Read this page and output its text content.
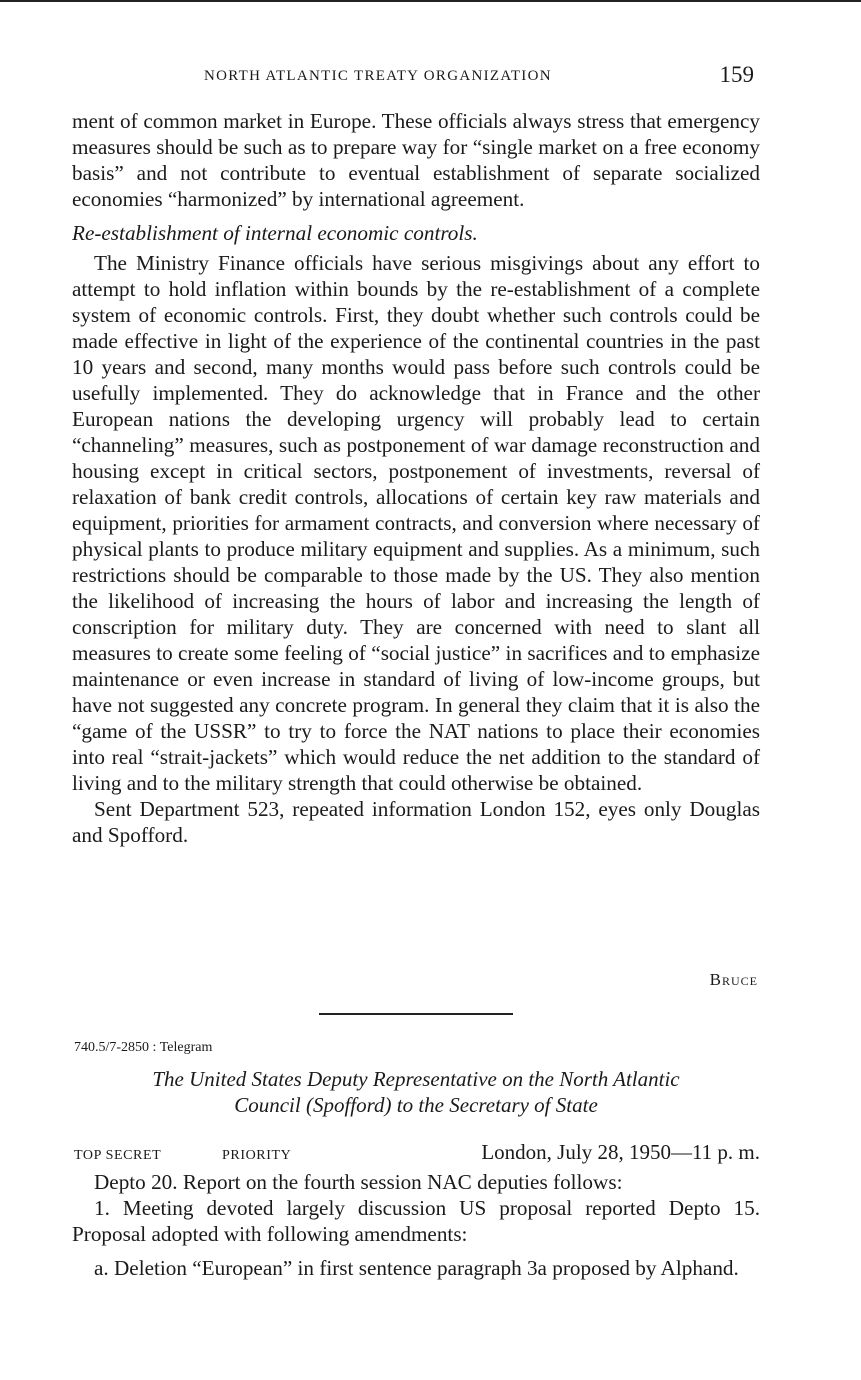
NORTH ATLANTIC TREATY ORGANIZATION	159

ment of common market in Europe. These officials always stress that emergency measures should be such as to prepare way for “single market on a free economy basis” and not contribute to eventual establishment of separate socialized economies “harmonized” by international agreement.

Re-establishment of internal economic controls.

The Ministry Finance officials have serious misgivings about any effort to attempt to hold inflation within bounds by the re-establishment of a complete system of economic controls. First, they doubt whether such controls could be made effective in light of the experience of the continental countries in the past 10 years and second, many months would pass before such controls could be usefully implemented. They do acknowledge that in France and the other European nations the developing urgency will probably lead to certain “channeling” measures, such as postponement of war damage reconstruction and housing except in critical sectors, postponement of investments, reversal of relaxation of bank credit controls, allocations of certain key raw materials and equipment, priorities for armament contracts, and conversion where necessary of physical plants to produce military equipment and supplies. As a minimum, such restrictions should be comparable to those made by the US. They also mention the likelihood of increasing the hours of labor and increasing the length of conscription for military duty. They are concerned with need to slant all measures to create some feeling of “social justice” in sacrifices and to emphasize maintenance or even increase in standard of living of low-income groups, but have not suggested any concrete program. In general they claim that it is also the “game of the USSR” to try to force the NAT nations to place their economies into real “strait-jackets” which would reduce the net addition to the standard of living and to the military strength that could otherwise be obtained.

Sent Department 523, repeated information London 152, eyes only Douglas and Spofford.

Bruce
740.5/7-2850 : Telegram
The United States Deputy Representative on the North Atlantic
Council (Spofford) to the Secretary of State
TOP SECRET	PRIORITY	London, July 28, 1950—11 p. m.

Depto 20. Report on the fourth session NAC deputies follows:

1. Meeting devoted largely discussion US proposal reported Depto 15. Proposal adopted with following amendments:

a. Deletion “European” in first sentence paragraph 3a proposed by Alphand.
